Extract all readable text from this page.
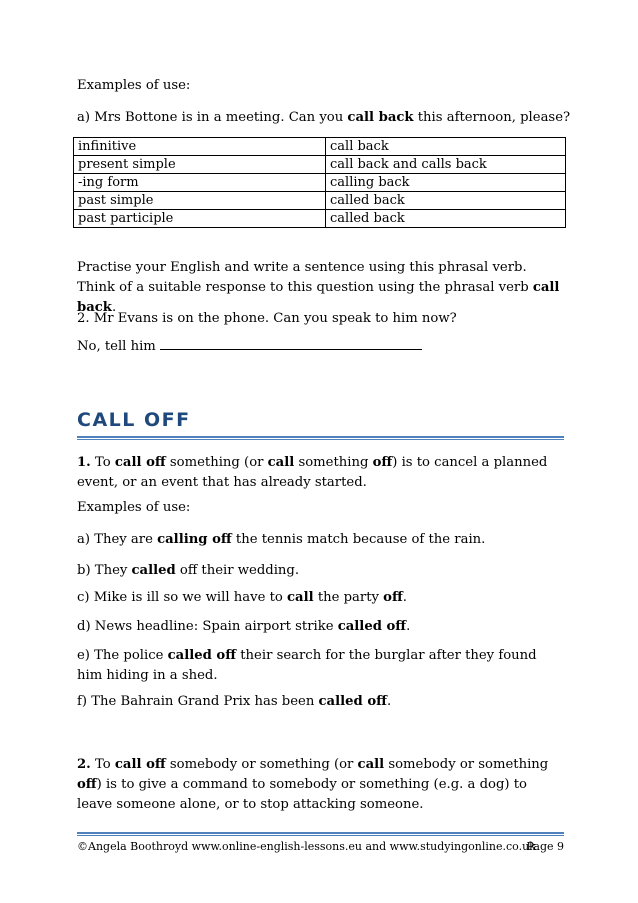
Examples of use:
a) Mrs Bottone is in a meeting. Can you call back this afternoon, please?
infinitive	call back
present simple	call back and calls back
-ing form	calling back
past simple	called back
past participle	called back
Practise your English and write a sentence using this phrasal verb. Think of a suitable response to this question using the phrasal verb call back.
2. Mr Evans is on the phone. Can you speak to him now?
No, tell him
CALL OFF
1. To call off something (or call something off) is to cancel a planned event, or an event that has already started.
Examples of use:
a) They are calling off the tennis match because of the rain.
b) They called off their wedding.
c) Mike is ill so we will have to call the party off.
d) News headline: Spain airport strike called off.
e) The police called off their search for the burglar after they found him hiding in a shed.
f) The Bahrain Grand Prix has been called off.
2. To call off somebody or something (or call somebody or something off) is to give a command to somebody or something (e.g. a dog) to leave someone alone, or to stop attacking someone.
©Angela Boothroyd www.online-english-lessons.eu and www.studyingonline.co.uk
Page 9
